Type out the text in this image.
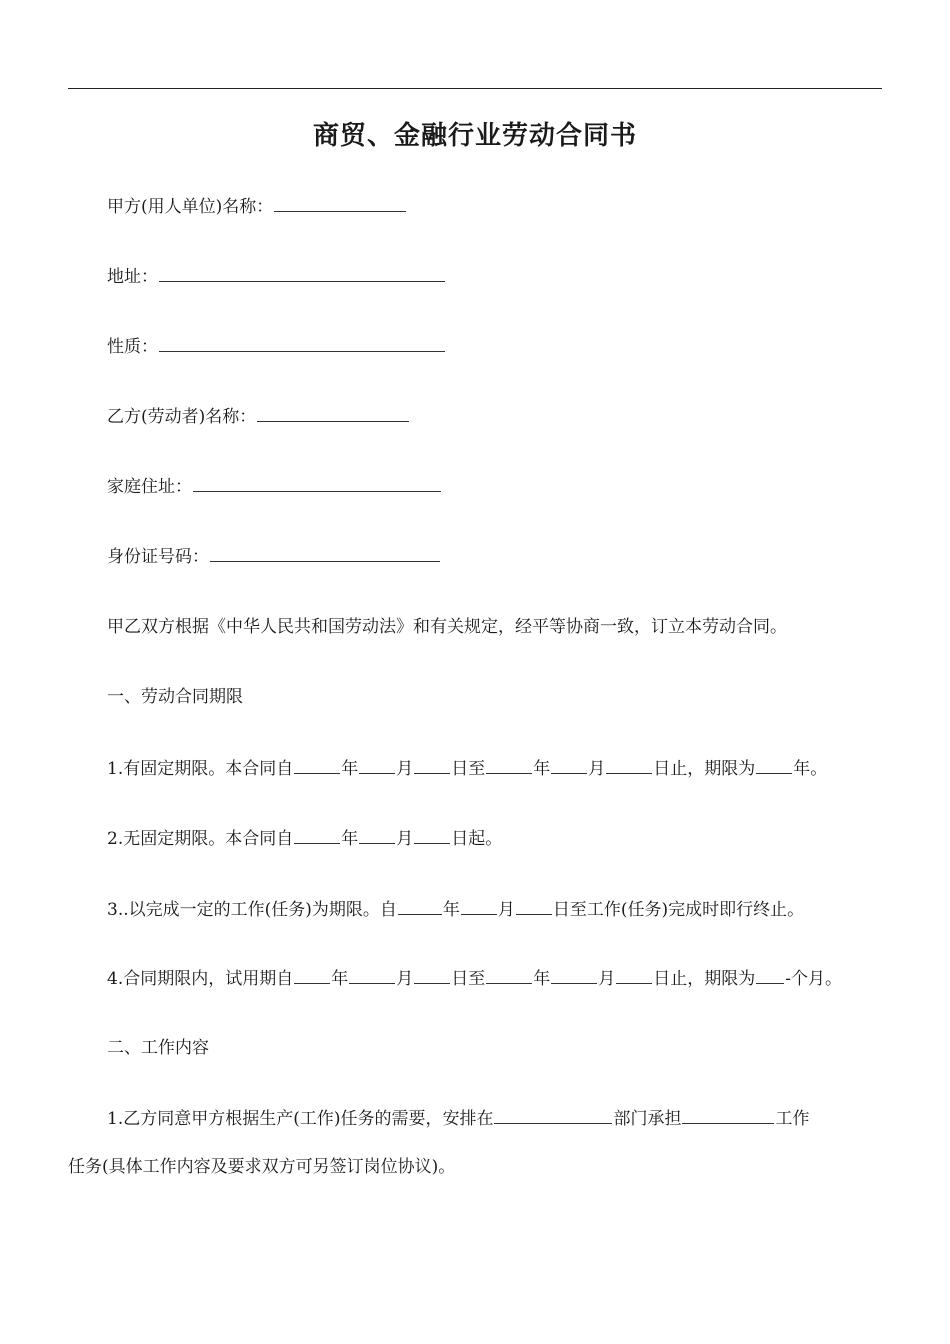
商贸、金融行业劳动合同书
甲方(用人单位)名称：
地址：
性质：
乙方(劳动者)名称：
家庭住址：
身份证号码：
甲乙双方根据《中华人民共和国劳动法》和有关规定，经平等协商一致，订立本劳动合同。
一、劳动合同期限
1.有固定期限。本合同自	年 月 日至	年 月	日止，期限为 年。
2.无固定期限。本合同自	年 月 日起。
3..以完成一定的工作(任务)为期限。自	年 月 日至工作(任务)完成时即行终止。
4.合同期限内，试用期自 年	月 日至	年	月 日止，期限为 -个月。
二、工作内容
1.乙方同意甲方根据生产(工作)任务的需要，安排在	部门承担	工作
任务(具体工作内容及要求双方可另签订岗位协议)。
